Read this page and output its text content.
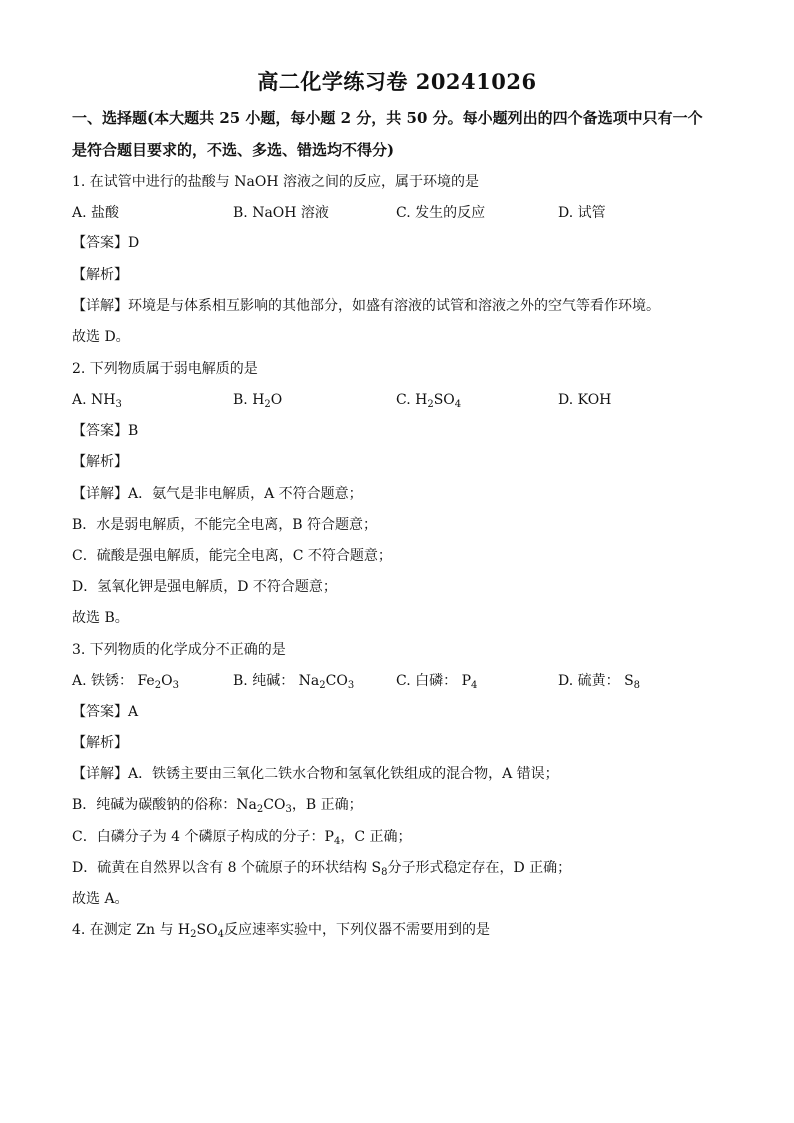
高二化学练习卷 20241026
一、选择题(本大题共 25 小题，每小题 2 分，共 50 分。每小题列出的四个备选项中只有一个
是符合题目要求的，不选、多选、错选均不得分)
1. 在试管中进行的盐酸与 NaOH 溶液之间的反应，属于环境的是
A. 盐酸	B. NaOH 溶液	C. 发生的反应	D. 试管
【答案】D
【解析】
【详解】环境是与体系相互影响的其他部分，如盛有溶液的试管和溶液之外的空气等看作环境。
故选 D。
2. 下列物质属于弱电解质的是
A. $NH_3$	B. $H_2O$	C. $H_2SO_4$	D. KOH
【答案】B
【解析】
【详解】A．氨气是非电解质，A 不符合题意；
B．水是弱电解质，不能完全电离，B 符合题意；
C．硫酸是强电解质，能完全电离，C 不符合题意；
D．氢氧化钾是强电解质，D 不符合题意；
故选 B。
3. 下列物质的化学成分不正确的是
A. 铁锈： $Fe_2O_3$	B. 纯碱： $Na_2CO_3$	C. 白磷： $P_4$	D. 硫黄： $S_8$
【答案】A
【解析】
【详解】A．铁锈主要由三氧化二铁水合物和氢氧化铁组成的混合物，A 错误；
B．纯碱为碳酸钠的俗称：$Na_2CO_3$，B 正确；
C．白磷分子为 4 个磷原子构成的分子：$P_4$，C 正确；
D．硫黄在自然界以含有 8 个硫原子的环状结构 $S_8$分子形式稳定存在，D 正确；
故选 A。
4. 在测定 Zn 与 $H_2SO_4$反应速率实验中，下列仪器不需要用到的是
